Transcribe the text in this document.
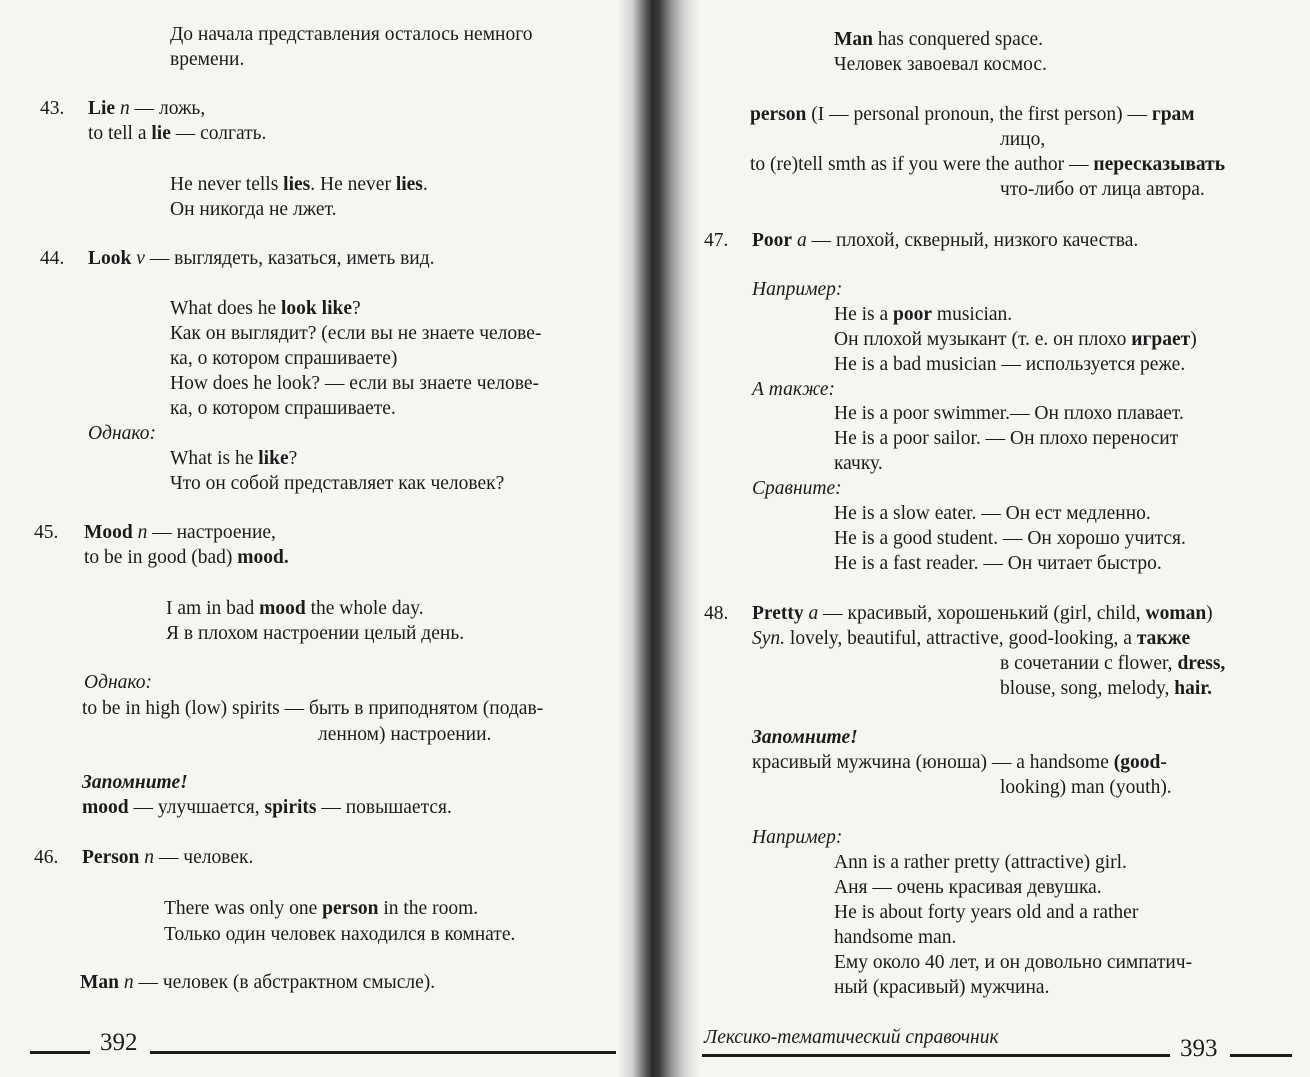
До начала представления осталось немного
времени.
43. Lie n — ложь,
to tell a lie — солгать.
He never tells lies. He never lies.
Он никогда не лжет.
44. Look v — выглядеть, казаться, иметь вид.
What does he look like?
Как он выглядит? (если вы не знаете челове-
ка, о котором спрашиваете)
How does he look? — если вы знаете челове-
ка, о котором спрашиваете.
Однако:
What is he like?
Что он собой представляет как человек?
45. Mood n — настроение,
to be in good (bad) mood.
I am in bad mood the whole day.
Я в плохом настроении целый день.
Однако:
to be in high (low) spirits — быть в приподнятом (подав-
ленном) настроении.
Запомните!
mood — улучшается, spirits — повышается.
46. Person n — человек.
There was only one person in the room.
Только один человек находился в комнате.
Man n — человек (в абстрактном смысле).
392
Man has conquered space.
Человек завоевал космос.
person (I — personal pronoun, the first person) — грам
лицо,
to (re)tell smth as if you were the author — пересказывать
что-либо от лица автора.
47. Poor a — плохой, скверный, низкого качества.
Например:
He is a poor musician.
Он плохой музыкант (т. е. он плохо играет)
He is a bad musician — используется реже.
А также:
He is a poor swimmer.— Он плохо плавает.
He is a poor sailor. — Он плохо переносит
качку.
Сравните:
He is a slow eater. — Он ест медленно.
He is a good student. — Он хорошо учится.
He is a fast reader. — Он читает быстро.
48. Pretty a — красивый, хорошенький (girl, child, woman)
Syn. lovely, beautiful, attractive, good-looking, а также
в сочетании с flower, dress,
blouse, song, melody, hair.
Запомните!
красивый мужчина (юноша) — a handsome (good-
looking) man (youth).
Например:
Ann is a rather pretty (attractive) girl.
Аня — очень красивая девушка.
He is about forty years old and a rather
handsome man.
Ему около 40 лет, и он довольно симпатич-
ный (красивый) мужчина.
Лексико-тематический справочник	393
